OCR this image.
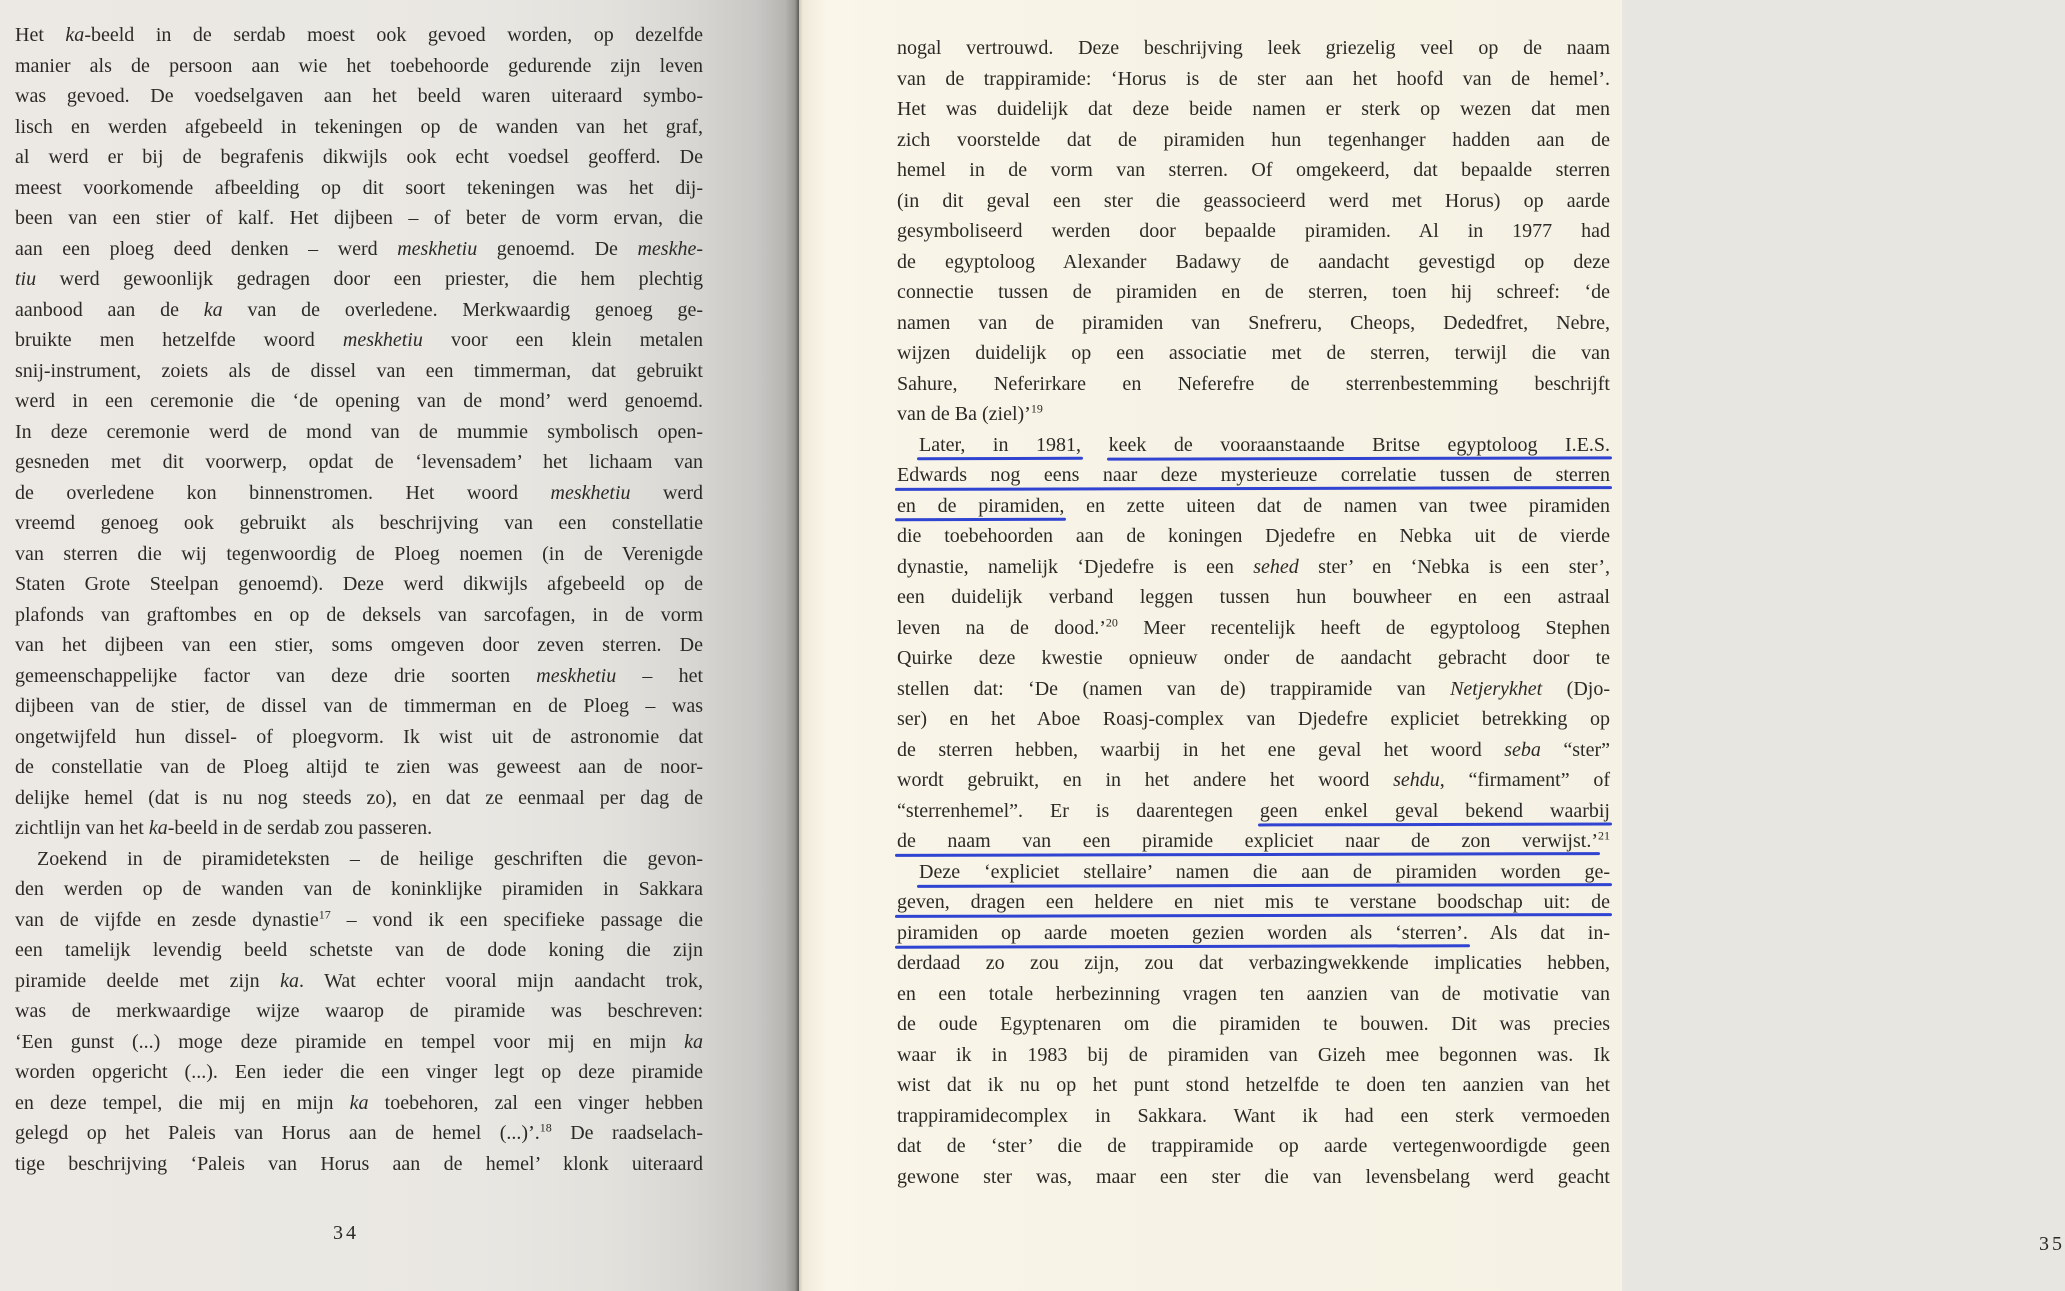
Het ka-beeld in de serdab moest ook gevoed worden, op dezelfde
manier als de persoon aan wie het toebehoorde gedurende zijn leven
was gevoed. De voedselgaven aan het beeld waren uiteraard symbo-
lisch en werden afgebeeld in tekeningen op de wanden van het graf,
al werd er bij de begrafenis dikwijls ook echt voedsel geofferd. De
meest voorkomende afbeelding op dit soort tekeningen was het dij-
been van een stier of kalf. Het dijbeen – of beter de vorm ervan, die
aan een ploeg deed denken – werd meskhetiu genoemd. De meskhe-
tiu werd gewoonlijk gedragen door een priester, die hem plechtig
aanbood aan de ka van de overledene. Merkwaardig genoeg ge-
bruikte men hetzelfde woord meskhetiu voor een klein metalen
snij-instrument, zoiets als de dissel van een timmerman, dat gebruikt
werd in een ceremonie die ‘de opening van de mond’ werd genoemd.
In deze ceremonie werd de mond van de mummie symbolisch open-
gesneden met dit voorwerp, opdat de ‘levensadem’ het lichaam van
de overledene kon binnenstromen. Het woord meskhetiu werd
vreemd genoeg ook gebruikt als beschrijving van een constellatie
van sterren die wij tegenwoordig de Ploeg noemen (in de Verenigde
Staten Grote Steelpan genoemd). Deze werd dikwijls afgebeeld op de
plafonds van graftombes en op de deksels van sarcofagen, in de vorm
van het dijbeen van een stier, soms omgeven door zeven sterren. De
gemeenschappelijke factor van deze drie soorten meskhetiu – het
dijbeen van de stier, de dissel van de timmerman en de Ploeg – was
ongetwijfeld hun dissel- of ploegvorm. Ik wist uit de astronomie dat
de constellatie van de Ploeg altijd te zien was geweest aan de noor-
delijke hemel (dat is nu nog steeds zo), en dat ze eenmaal per dag de
zichtlijn van het ka-beeld in de serdab zou passeren.
Zoekend in de piramideteksten – de heilige geschriften die gevon-
den werden op de wanden van de koninklijke piramiden in Sakkara
van de vijfde en zesde dynastie$^{17}$ – vond ik een specifieke passage die
een tamelijk levendig beeld schetste van de dode koning die zijn
piramide deelde met zijn ka. Wat echter vooral mijn aandacht trok,
was de merkwaardige wijze waarop de piramide was beschreven:
‘Een gunst (...) moge deze piramide en tempel voor mij en mijn ka
worden opgericht (...). Een ieder die een vinger legt op deze piramide
en deze tempel, die mij en mijn ka toebehoren, zal een vinger hebben
gelegd op het Paleis van Horus aan de hemel (...)’.$^{18}$ De raadselach-
tige beschrijving ‘Paleis van Horus aan de hemel’ klonk uiteraard
34
nogal vertrouwd. Deze beschrijving leek griezelig veel op de naam
van de trappiramide: ‘Horus is de ster aan het hoofd van de hemel’.
Het was duidelijk dat deze beide namen er sterk op wezen dat men
zich voorstelde dat de piramiden hun tegenhanger hadden aan de
hemel in de vorm van sterren. Of omgekeerd, dat bepaalde sterren
(in dit geval een ster die geassocieerd werd met Horus) op aarde
gesymboliseerd werden door bepaalde piramiden. Al in 1977 had
de egyptoloog Alexander Badawy de aandacht gevestigd op deze
connectie tussen de piramiden en de sterren, toen hij schreef: ‘de
namen van de piramiden van Snefreru, Cheops, Dededfret, Nebre,
wijzen duidelijk op een associatie met de sterren, terwijl die van
Sahure, Neferirkare en Neferefre de sterrenbestemming beschrijft
van de Ba (ziel)’$^{19}$
Later, in 1981, keek de vooraanstaande Britse egyptoloog I.E.S.
Edwards nog eens naar deze mysterieuze correlatie tussen de sterren
en de piramiden, en zette uiteen dat de namen van twee piramiden
die toebehoorden aan de koningen Djedefre en Nebka uit de vierde
dynastie, namelijk ‘Djedefre is een sehed ster’ en ‘Nebka is een ster’,
een duidelijk verband leggen tussen hun bouwheer en een astraal
leven na de dood.’$^{20}$ Meer recentelijk heeft de egyptoloog Stephen
Quirke deze kwestie opnieuw onder de aandacht gebracht door te
stellen dat: ‘De (namen van de) trappiramide van Netjerykhet (Djo-
ser) en het Aboe Roasj-complex van Djedefre expliciet betrekking op
de sterren hebben, waarbij in het ene geval het woord seba “ster”
wordt gebruikt, en in het andere het woord sehdu, “firmament” of
“sterrenhemel”. Er is daarentegen geen enkel geval bekend waarbij
de naam van een piramide expliciet naar de zon verwijst.’$^{21}$
Deze ‘expliciet stellaire’ namen die aan de piramiden worden ge-
geven, dragen een heldere en niet mis te verstane boodschap uit: de
piramiden op aarde moeten gezien worden als ‘sterren’. Als dat in-
derdaad zo zou zijn, zou dat verbazingwekkende implicaties hebben,
en een totale herbezinning vragen ten aanzien van de motivatie van
de oude Egyptenaren om die piramiden te bouwen. Dit was precies
waar ik in 1983 bij de piramiden van Gizeh mee begonnen was. Ik
wist dat ik nu op het punt stond hetzelfde te doen ten aanzien van het
trappiramidecomplex in Sakkara. Want ik had een sterk vermoeden
dat de ‘ster’ die de trappiramide op aarde vertegenwoordigde geen
gewone ster was, maar een ster die van levensbelang werd geacht
35
